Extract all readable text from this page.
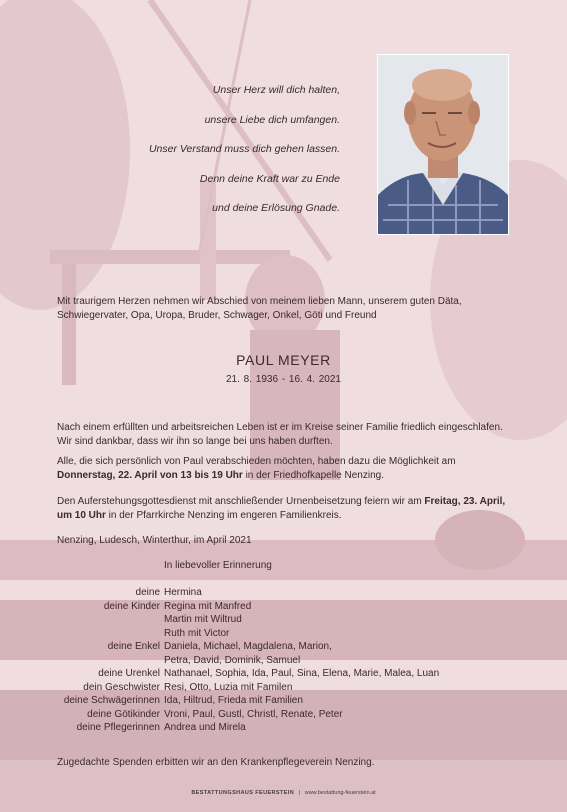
Unser Herz will dich halten,
unsere Liebe dich umfangen.
Unser Verstand muss dich gehen lassen.
Denn deine Kraft war zu Ende
und deine Erlösung Gnade.
Mit traurigem Herzen nehmen wir Abschied von meinem lieben Mann, unserem guten Däta, Schwiegervater, Opa, Uropa, Bruder, Schwager, Onkel, Göti und Freund
PAUL MEYER
21. 8. 1936 - 16. 4. 2021
Nach einem erfüllten und arbeitsreichen Leben ist er im Kreise seiner Familie friedlich eingeschlafen. Wir sind dankbar, dass wir ihn so lange bei uns haben durften.
Alle, die sich persönlich von Paul verabschieden möchten, haben dazu die Möglichkeit am Donnerstag, 22. April von 13 bis 19 Uhr in der Friedhofkapelle Nenzing.
Den Auferstehungsgottesdienst mit anschließender Urnenbeisetzung feiern wir am Freitag, 23. April, um 10 Uhr in der Pfarrkirche Nenzing im engeren Familienkreis.
Nenzing, Ludesch, Winterthur, im April 2021
In liebevoller Erinnerung
deine Hermina
deine Kinder Regina mit Manfred
Martin mit Wiltrud
Ruth mit Victor
deine Enkel Daniela, Michael, Magdalena, Marion,
Petra, David, Dominik, Samuel
deine Urenkel Nathanael, Sophia, Ida, Paul, Sina, Elena, Marie, Malea, Luan
dein Geschwister Resi, Otto, Luzia mit Familen
deine Schwägerinnen Ida, Hiltrud, Frieda mit Familien
deine Götikinder Vroni, Paul, Gustl, Christl, Renate, Peter
deine Pflegerinnen Andrea und Mirela
Zugedachte Spenden erbitten wir an den Krankenpflegeverein Nenzing.
BESTATTUNGSHAUS FEUERSTEIN | www.bestattung-feuerstein.at
